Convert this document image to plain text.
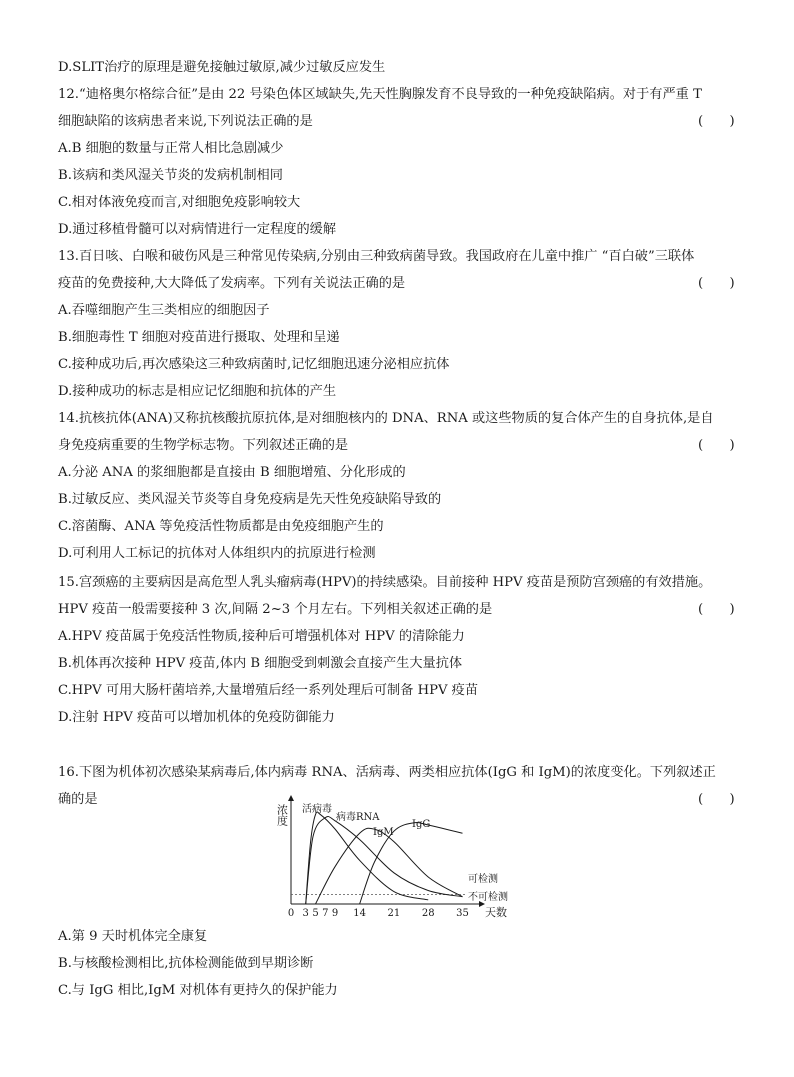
D.SLIT治疗的原理是避免接触过敏原,减少过敏反应发生
12.“迪格奥尔格综合征”是由 22 号染色体区域缺失,先天性胸腺发育不良导致的一种免疫缺陷病。对于有严重 T
细胞缺陷的该病患者来说,下列说法正确的是	(　　)
A.B 细胞的数量与正常人相比急剧减少
B.该病和类风湿关节炎的发病机制相同
C.相对体液免疫而言,对细胞免疫影响较大
D.通过移植骨髓可以对病情进行一定程度的缓解
13.百日咳、白喉和破伤风是三种常见传染病,分别由三种致病菌导致。我国政府在儿童中推广 “百白破”三联体
疫苗的免费接种,大大降低了发病率。下列有关说法正确的是	(　　)
A.吞噬细胞产生三类相应的细胞因子
B.细胞毒性 T 细胞对疫苗进行摄取、处理和呈递
C.接种成功后,再次感染这三种致病菌时,记忆细胞迅速分泌相应抗体
D.接种成功的标志是相应记忆细胞和抗体的产生
14.抗核抗体(ANA)又称抗核酸抗原抗体,是对细胞核内的 DNA、RNA 或这些物质的复合体产生的自身抗体,是自
身免疫病重要的生物学标志物。下列叙述正确的是	(　　)
A.分泌 ANA 的浆细胞都是直接由 B 细胞增殖、分化形成的
B.过敏反应、类风湿关节炎等自身免疫病是先天性免疫缺陷导致的
C.溶菌酶、ANA 等免疫活性物质都是由免疫细胞产生的
D.可利用人工标记的抗体对人体组织内的抗原进行检测
15.宫颈癌的主要病因是高危型人乳头瘤病毒(HPV)的持续感染。目前接种 HPV 疫苗是预防宫颈癌的有效措施。
HPV 疫苗一般需要接种 3 次,间隔 2~3 个月左右。下列相关叙述正确的是	(　　)
A.HPV 疫苗属于免疫活性物质,接种后可增强机体对 HPV 的清除能力
B.机体再次接种 HPV 疫苗,体内 B 细胞受到刺激会直接产生大量抗体
C.HPV 可用大肠杆菌培养,大量增殖后经一系列处理后可制备 HPV 疫苗
D.注射 HPV 疫苗可以增加机体的免疫防御能力
16.下图为机体初次感染某病毒后,体内病毒 RNA、活病毒、两类相应抗体(IgG 和 IgM)的浓度变化。下列叙述正
确的是	(　　)
A.第 9 天时机体完全康复
B.与核酸检测相比,抗体检测能做到早期诊断
C.与 IgG 相比,IgM 对机体有更持久的保护能力
浓度
天数
可检测
不可检测
0 3 5 7 9 14 21 28 35
活病毒
病毒RNA
IgM
IgG
